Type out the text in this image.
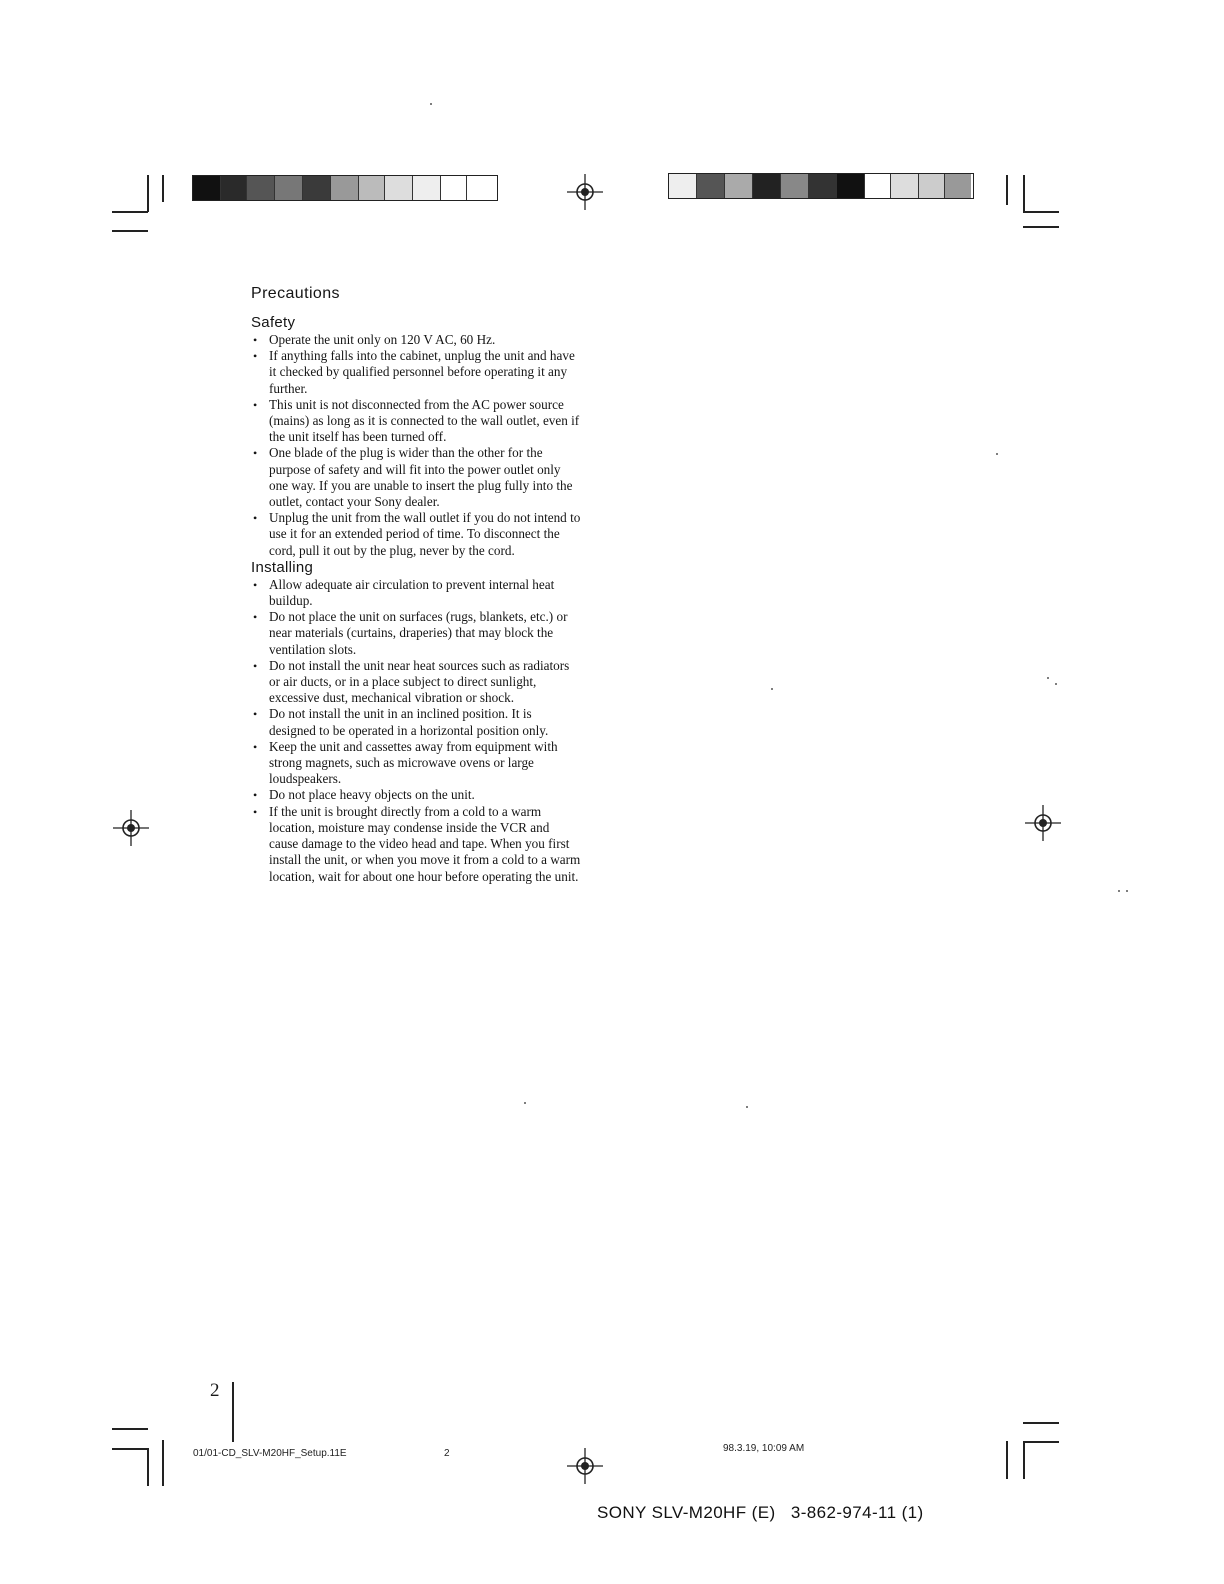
Precautions
Safety
• Operate the unit only on 120 V AC, 60 Hz.
• If anything falls into the cabinet, unplug the unit and have it checked by qualified personnel before operating it any further.
• This unit is not disconnected from the AC power source (mains) as long as it is connected to the wall outlet, even if the unit itself has been turned off.
• One blade of the plug is wider than the other for the purpose of safety and will fit into the power outlet only one way. If you are unable to insert the plug fully into the outlet, contact your Sony dealer.
• Unplug the unit from the wall outlet if you do not intend to use it for an extended period of time. To disconnect the cord, pull it out by the plug, never by the cord.
Installing
• Allow adequate air circulation to prevent internal heat buildup.
• Do not place the unit on surfaces (rugs, blankets, etc.) or near materials (curtains, draperies) that may block the ventilation slots.
• Do not install the unit near heat sources such as radiators or air ducts, or in a place subject to direct sunlight, excessive dust, mechanical vibration or shock.
• Do not install the unit in an inclined position. It is designed to be operated in a horizontal position only.
• Keep the unit and cassettes away from equipment with strong magnets, such as microwave ovens or large loudspeakers.
• Do not place heavy objects on the unit.
• If the unit is brought directly from a cold to a warm location, moisture may condense inside the VCR and cause damage to the video head and tape. When you first install the unit, or when you move it from a cold to a warm location, wait for about one hour before operating the unit.
2
01/01-CD_SLV-M20HF_Setup.11E	2	98.3.19, 10:09 AM
SONY SLV-M20HF (E)   3-862-974-11 (1)
